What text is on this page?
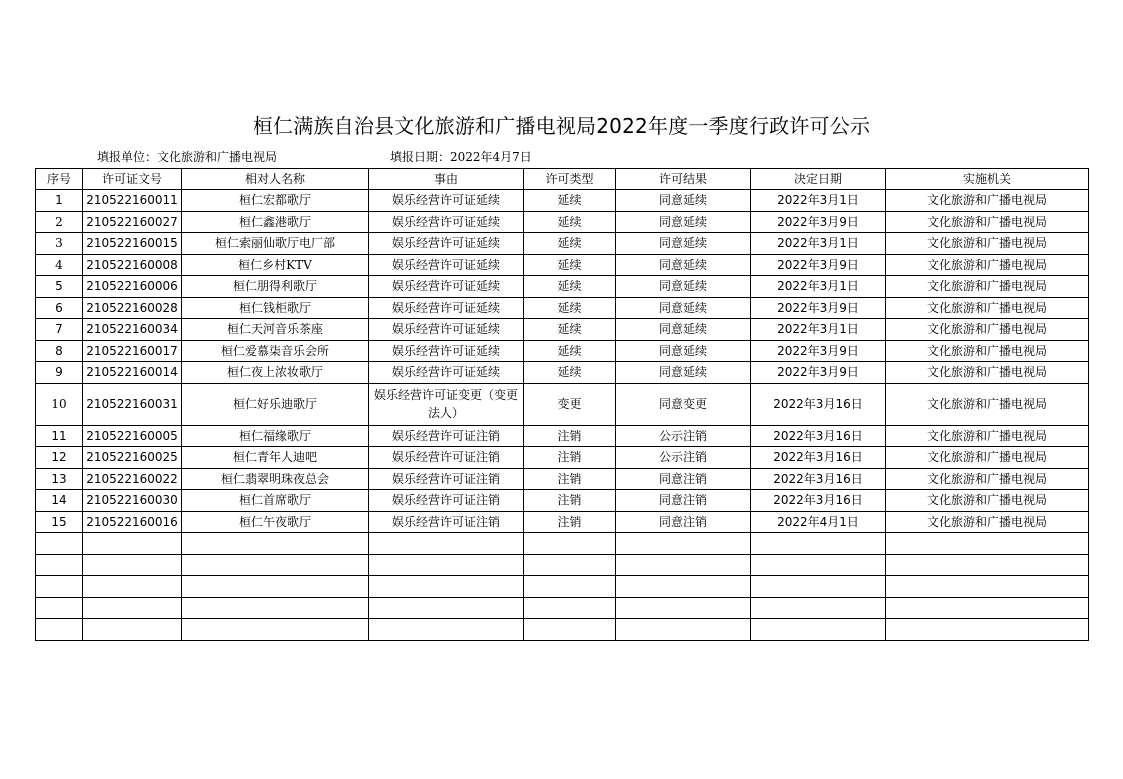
桓仁满族自治县文化旅游和广播电视局2022年度一季度行政许可公示
填报单位：文化旅游和广播电视局	填报日期：2022年4月7日
序号	许可证文号	相对人名称	事由	许可类型	许可结果	决定日期	实施机关
1	210522160011	桓仁宏都歌厅	娱乐经营许可证延续	延续	同意延续	2022年3月1日	文化旅游和广播电视局
2	210522160027	桓仁鑫港歌厅	娱乐经营许可证延续	延续	同意延续	2022年3月9日	文化旅游和广播电视局
3	210522160015	桓仁索丽仙歌厅电厂部	娱乐经营许可证延续	延续	同意延续	2022年3月1日	文化旅游和广播电视局
4	210522160008	桓仁乡村KTV	娱乐经营许可证延续	延续	同意延续	2022年3月9日	文化旅游和广播电视局
5	210522160006	桓仁朋得利歌厅	娱乐经营许可证延续	延续	同意延续	2022年3月1日	文化旅游和广播电视局
6	210522160028	桓仁钱柜歌厅	娱乐经营许可证延续	延续	同意延续	2022年3月9日	文化旅游和广播电视局
7	210522160034	桓仁天河音乐茶座	娱乐经营许可证延续	延续	同意延续	2022年3月1日	文化旅游和广播电视局
8	210522160017	桓仁爱慕柒音乐会所	娱乐经营许可证延续	延续	同意延续	2022年3月9日	文化旅游和广播电视局
9	210522160014	桓仁夜上浓妆歌厅	娱乐经营许可证延续	延续	同意延续	2022年3月9日	文化旅游和广播电视局
10	210522160031	桓仁好乐迪歌厅	娱乐经营许可证变更（变更法人）	变更	同意变更	2022年3月16日	文化旅游和广播电视局
11	210522160005	桓仁福缘歌厅	娱乐经营许可证注销	注销	公示注销	2022年3月16日	文化旅游和广播电视局
12	210522160025	桓仁青年人迪吧	娱乐经营许可证注销	注销	公示注销	2022年3月16日	文化旅游和广播电视局
13	210522160022	桓仁翡翠明珠夜总会	娱乐经营许可证注销	注销	同意注销	2022年3月16日	文化旅游和广播电视局
14	210522160030	桓仁首席歌厅	娱乐经营许可证注销	注销	同意注销	2022年3月16日	文化旅游和广播电视局
15	210522160016	桓仁午夜歌厅	娱乐经营许可证注销	注销	同意注销	2022年4月1日	文化旅游和广播电视局
